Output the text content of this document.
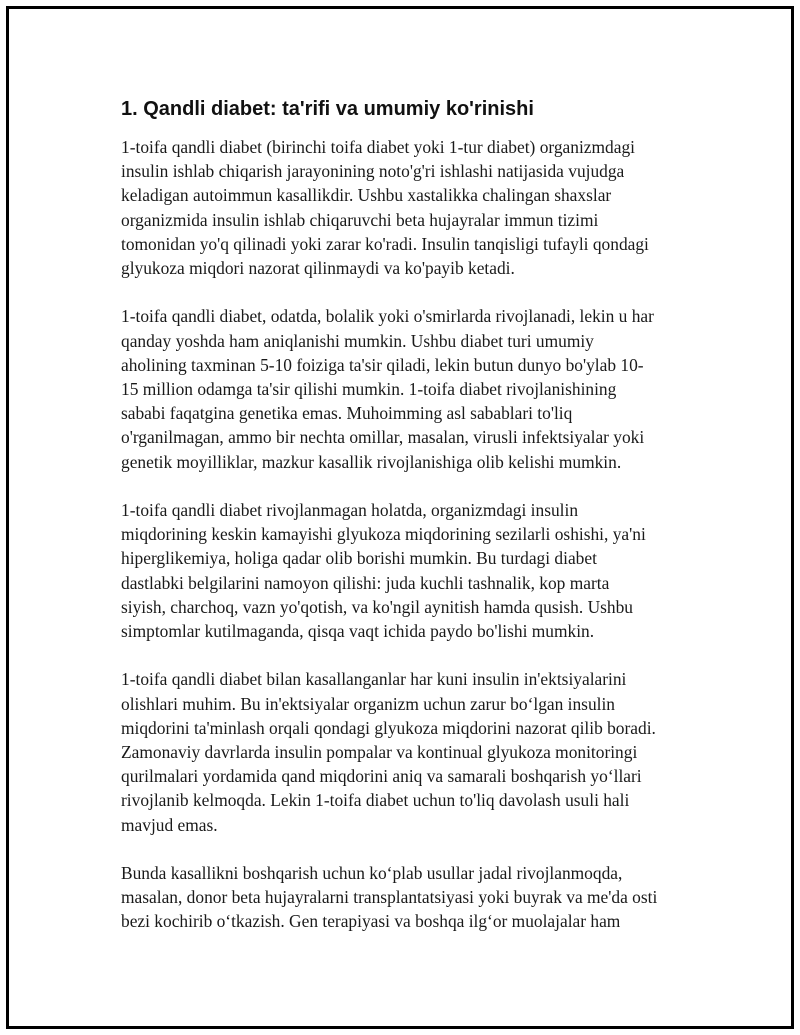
1. Qandli diabet: ta'rifi va umumiy ko'rinishi
1-toifa qandli diabet (birinchi toifa diabet yoki 1-tur diabet) organizmdagi
insulin ishlab chiqarish jarayonining noto'g'ri ishlashi natijasida vujudga
keladigan autoimmun kasallikdir. Ushbu xastalikka chalingan shaxslar
organizmida insulin ishlab chiqaruvchi beta hujayralar immun tizimi
tomonidan yo'q qilinadi yoki zarar ko'radi. Insulin tanqisligi tufayli qondagi
glyukoza miqdori nazorat qilinmaydi va ko'payib ketadi.
1-toifa qandli diabet, odatda, bolalik yoki o'smirlarda rivojlanadi, lekin u har
qanday yoshda ham aniqlanishi mumkin. Ushbu diabet turi umumiy
aholining taxminan 5-10 foiziga ta'sir qiladi, lekin butun dunyo bo'ylab 10-
15 million odamga ta'sir qilishi mumkin. 1-toifa diabet rivojlanishining
sababi faqatgina genetika emas. Muhoimming asl sabablari to'liq
o'rganilmagan, ammo bir nechta omillar, masalan, virusli infektsiyalar yoki
genetik moyilliklar, mazkur kasallik rivojlanishiga olib kelishi mumkin.
1-toifa qandli diabet rivojlanmagan holatda, organizmdagi insulin
miqdorining keskin kamayishi glyukoza miqdorining sezilarli oshishi, ya'ni
hiperglikemiya, holiga qadar olib borishi mumkin. Bu turdagi diabet
dastlabki belgilarini namoyon qilishi: juda kuchli tashnalik, kop marta
siyish, charchoq, vazn yo'qotish, va ko'ngil aynitish hamda qusish. Ushbu
simptomlar kutilmaganda, qisqa vaqt ichida paydo bo'lishi mumkin.
1-toifa qandli diabet bilan kasallanganlar har kuni insulin in'ektsiyalarini
olishlari muhim. Bu in'ektsiyalar organizm uchun zarur bo‘lgan insulin
miqdorini ta'minlash orqali qondagi glyukoza miqdorini nazorat qilib boradi.
Zamonaviy davrlarda insulin pompalar va kontinual glyukoza monitoringi
qurilmalari yordamida qand miqdorini aniq va samarali boshqarish yo‘llari
rivojlanib kelmoqda. Lekin 1-toifa diabet uchun to'liq davolash usuli hali
mavjud emas.
Bunda kasallikni boshqarish uchun ko‘plab usullar jadal rivojlanmoqda,
masalan, donor beta hujayralarni transplantatsiyasi yoki buyrak va me'da osti
bezi kochirib o‘tkazish. Gen terapiyasi va boshqa ilg‘or muolajalar ham
